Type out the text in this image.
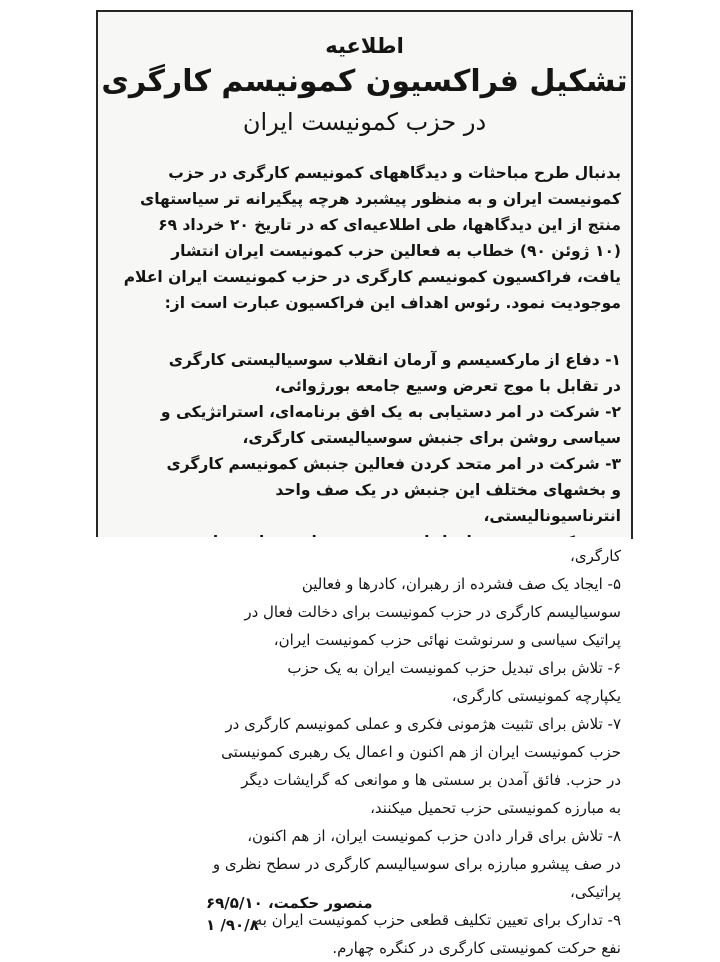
اطلاعیه
تشکیل فراکسیون کمونیسم کارگری
در حزب کمونیست ایران
بدنبال طرح مباحثات و دیدگاههای کمونیسم کارگری در حزب
کمونیست ایران و به منظور پیشبرد هرچه پیگیرانه تر سیاستهای
منتج از این دیدگاهها، طی اطلاعیه‌ای که در تاریخ ۲۰ خرداد ۶۹
(۱۰ ژوئن ۹۰) خطاب به فعالین حزب کمونیست ایران انتشار
یافت، فراکسیون کمونیسم کارگری در حزب کمونیست ایران اعلام
موجودیت نمود. رئوس اهداف این فراکسیون عبارت است از:
۱- دفاع از مارکسیسم و آرمان انقلاب سوسیالیستی کارگری
در تقابل با موج تعرض وسیع جامعه بورژوائی،
۲- شرکت در امر دستیابی به یک افق برنامه‌ای، استراتژیکی و
سیاسی روشن برای جنبش سوسیالیستی کارگری،
۳- شرکت در امر متحد کردن فعالین جنبش کمونیسم کارگری
و بخشهای مختلف این جنبش در یک صف واحد
انترناسیونالیستی،
کارگری،
۵- ایجاد یک صف فشرده از رهبران، کادرها و فعالین
سوسیالیسم کارگری در حزب کمونیست برای دخالت فعال در
پراتیک سیاسی و سرنوشت نهائی حزب کمونیست ایران،
۶- تلاش برای تبدیل حزب کمونیست ایران به یک حزب
یکپارچه کمونیستی کارگری،
۷- تلاش برای تثبیت هژمونی فکری و عملی کمونیسم کارگری در
حزب کمونیست ایران از هم اکنون و اعمال یک رهبری کمونیستی
در حزب. فائق آمدن بر سستی ها و موانعی که گرایشات دیگر
به مبارزه کمونیستی حزب تحمیل میکنند،
۸- تلاش برای قرار دادن حزب کمونیست ایران، از هم اکنون،
در صف پیشرو مبارزه برای سوسیالیسم کارگری در سطح نظری و
پراتیکی،
۹- تدارک برای تعیین تکلیف قطعی حزب کمونیست ایران به
نفع حرکت کمونیستی کارگری در کنگره چهارم.
منصور حکمت، ۶۹/۵/۱۰
۹۰/۸/ ۱
